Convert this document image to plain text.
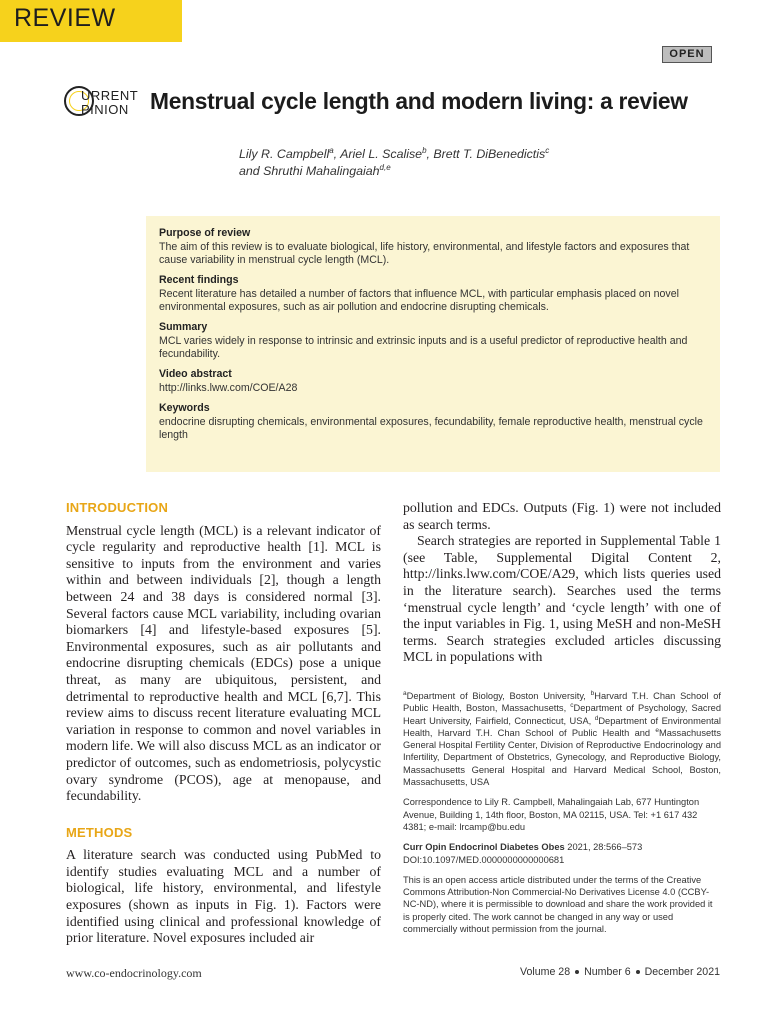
REVIEW
OPEN
URRENT
PINION Menstrual cycle length and modern living: a review
Lily R. Campbell$^a$, Ariel L. Scalise$^b$, Brett T. DiBenedictis$^c$
and Shruthi Mahalingaiah$^{d,e}$
Purpose of review
The aim of this review is to evaluate biological, life history, environmental, and lifestyle factors and exposures that cause variability in menstrual cycle length (MCL).
Recent findings
Recent literature has detailed a number of factors that influence MCL, with particular emphasis placed on novel environmental exposures, such as air pollution and endocrine disrupting chemicals.
Summary
MCL varies widely in response to intrinsic and extrinsic inputs and is a useful predictor of reproductive health and fecundability.
Video abstract
http://links.lww.com/COE/A28
Keywords
endocrine disrupting chemicals, environmental exposures, fecundability, female reproductive health, menstrual cycle length
INTRODUCTION

Menstrual cycle length (MCL) is a relevant indicator of cycle regularity and reproductive health [1]. MCL is sensitive to inputs from the environment and varies within and between individuals [2], though a length between 24 and 38 days is considered normal [3]. Several factors cause MCL variability, including ovarian biomarkers [4] and lifestyle-based exposures [5]. Environmental exposures, such as air pollutants and endocrine disrupting chemicals (EDCs) pose a unique threat, as many are ubiquitous, persistent, and detrimental to reproductive health and MCL [6,7]. This review aims to discuss recent literature evaluating MCL variation in response to common and novel variables in modern life. We will also discuss MCL as an indicator or predictor of outcomes, such as endometriosis, polycystic ovary syndrome (PCOS), age at menopause, and fecundability.

METHODS

A literature search was conducted using PubMed to identify studies evaluating MCL and a number of biological, life history, environmental, and lifestyle exposures (shown as inputs in Fig. 1). Factors were identified using clinical and professional knowledge of prior literature. Novel exposures included air

pollution and EDCs. Outputs (Fig. 1) were not included as search terms.

Search strategies are reported in Supplemental Table 1 (see Table, Supplemental Digital Content 2, http://links.lww.com/COE/A29, which lists queries used in the literature search). Searches used the terms ‘menstrual cycle length’ and ‘cycle length’ with one of the input variables in Fig. 1, using MeSH and non-MeSH terms. Search strategies excluded articles discussing MCL in populations with

$^a$Department of Biology, Boston University, $^b$Harvard T.H. Chan School of Public Health, Boston, Massachusetts, $^c$Department of Psychology, Sacred Heart University, Fairfield, Connecticut, USA, $^d$Department of Environmental Health, Harvard T.H. Chan School of Public Health and $^e$Massachusetts General Hospital Fertility Center, Division of Reproductive Endocrinology and Infertility, Department of Obstetrics, Gynecology, and Reproductive Biology, Massachusetts General Hospital and Harvard Medical School, Boston, Massachusetts, USA

Correspondence to Lily R. Campbell, Mahalingaiah Lab, 677 Huntington Avenue, Building 1, 14th floor, Boston, MA 02115, USA. Tel: +1 617 432 4381; e-mail: lrcamp@bu.edu

Curr Opin Endocrinol Diabetes Obes 2021, 28:566–573

DOI:10.1097/MED.0000000000000681

This is an open access article distributed under the terms of the Creative Commons Attribution-Non Commercial-No Derivatives License 4.0 (CCBY-NC-ND), where it is permissible to download and share the work provided it is properly cited. The work cannot be changed in any way or used commercially without permission from the journal.

www.co-endocrinology.com	Volume 28 Number 6 December 2021
